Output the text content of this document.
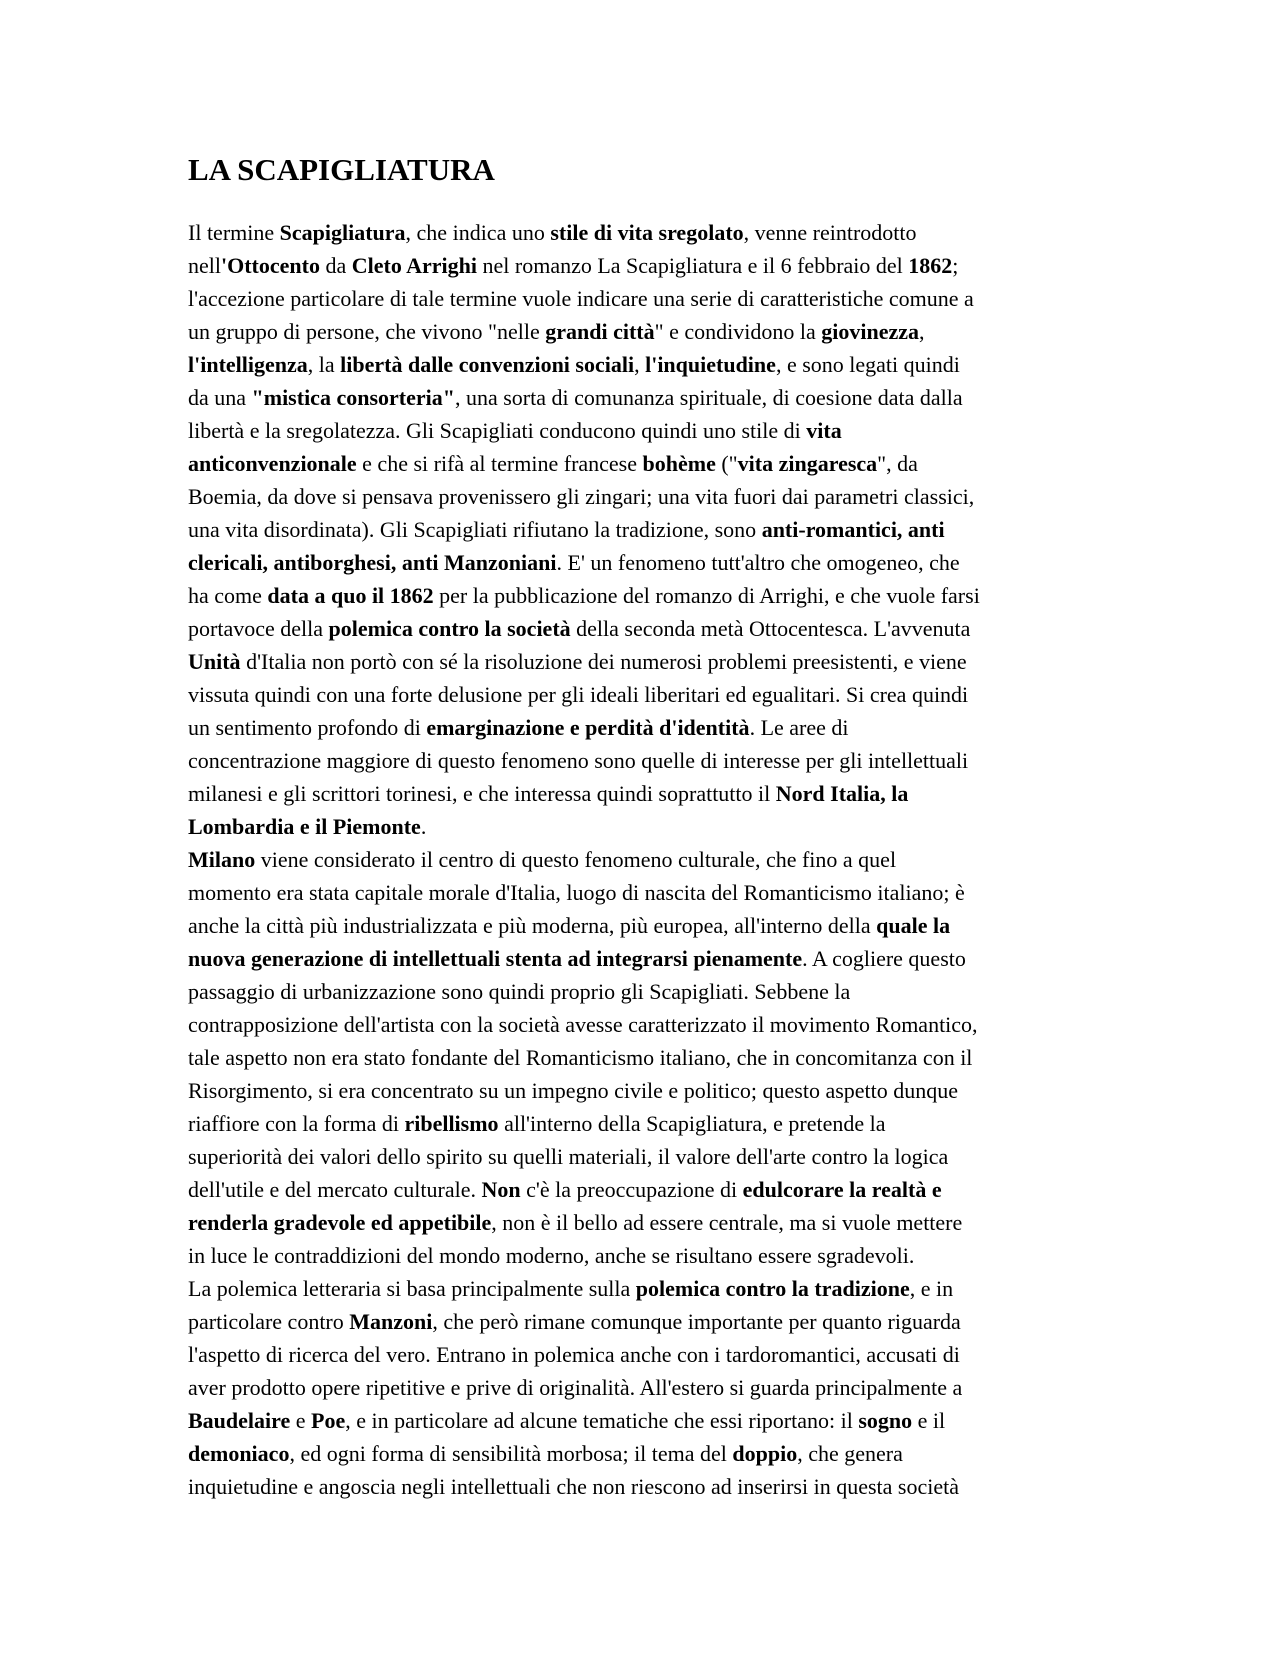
LA SCAPIGLIATURA
Il termine Scapigliatura, che indica uno stile di vita sregolato, venne reintrodotto
nell'Ottocento da Cleto Arrighi nel romanzo La Scapigliatura e il 6 febbraio del 1862;
l'accezione particolare di tale termine vuole indicare una serie di caratteristiche comune a
un gruppo di persone, che vivono "nelle grandi città" e condividono la giovinezza,
l'intelligenza, la libertà dalle convenzioni sociali, l'inquietudine, e sono legati quindi
da una "mistica consorteria", una sorta di comunanza spirituale, di coesione data dalla
libertà e la sregolatezza. Gli Scapigliati conducono quindi uno stile di vita
anticonvenzionale e che si rifà al termine francese bohème ("vita zingaresca", da
Boemia, da dove si pensava provenissero gli zingari; una vita fuori dai parametri classici,
una vita disordinata). Gli Scapigliati rifiutano la tradizione, sono anti-romantici, anti
clericali, antiborghesi, anti Manzoniani. E' un fenomeno tutt'altro che omogeneo, che
ha come data a quo il 1862 per la pubblicazione del romanzo di Arrighi, e che vuole farsi
portavoce della polemica contro la società della seconda metà Ottocentesca. L'avvenuta
Unità d'Italia non portò con sé la risoluzione dei numerosi problemi preesistenti, e viene
vissuta quindi con una forte delusione per gli ideali liberitari ed egualitari. Si crea quindi
un sentimento profondo di emarginazione e perdità d'identità. Le aree di
concentrazione maggiore di questo fenomeno sono quelle di interesse per gli intellettuali
milanesi e gli scrittori torinesi, e che interessa quindi soprattutto il Nord Italia, la
Lombardia e il Piemonte.
Milano viene considerato il centro di questo fenomeno culturale, che fino a quel
momento era stata capitale morale d'Italia, luogo di nascita del Romanticismo italiano; è
anche la città più industrializzata e più moderna, più europea, all'interno della quale la
nuova generazione di intellettuali stenta ad integrarsi pienamente. A cogliere questo
passaggio di urbanizzazione sono quindi proprio gli Scapigliati. Sebbene la
contrapposizione dell'artista con la società avesse caratterizzato il movimento Romantico,
tale aspetto non era stato fondante del Romanticismo italiano, che in concomitanza con il
Risorgimento, si era concentrato su un impegno civile e politico; questo aspetto dunque
riaffiore con la forma di ribellismo all'interno della Scapigliatura, e pretende la
superiorità dei valori dello spirito su quelli materiali, il valore dell'arte contro la logica
dell'utile e del mercato culturale. Non c'è la preoccupazione di edulcorare la realtà e
renderla gradevole ed appetibile, non è il bello ad essere centrale, ma si vuole mettere
in luce le contraddizioni del mondo moderno, anche se risultano essere sgradevoli.
La polemica letteraria si basa principalmente sulla polemica contro la tradizione, e in
particolare contro Manzoni, che però rimane comunque importante per quanto riguarda
l'aspetto di ricerca del vero. Entrano in polemica anche con i tardoromantici, accusati di
aver prodotto opere ripetitive e prive di originalità. All'estero si guarda principalmente a
Baudelaire e Poe, e in particolare ad alcune tematiche che essi riportano: il sogno e il
demoniaco, ed ogni forma di sensibilità morbosa; il tema del doppio, che genera
inquietudine e angoscia negli intellettuali che non riescono ad inserirsi in questa società
